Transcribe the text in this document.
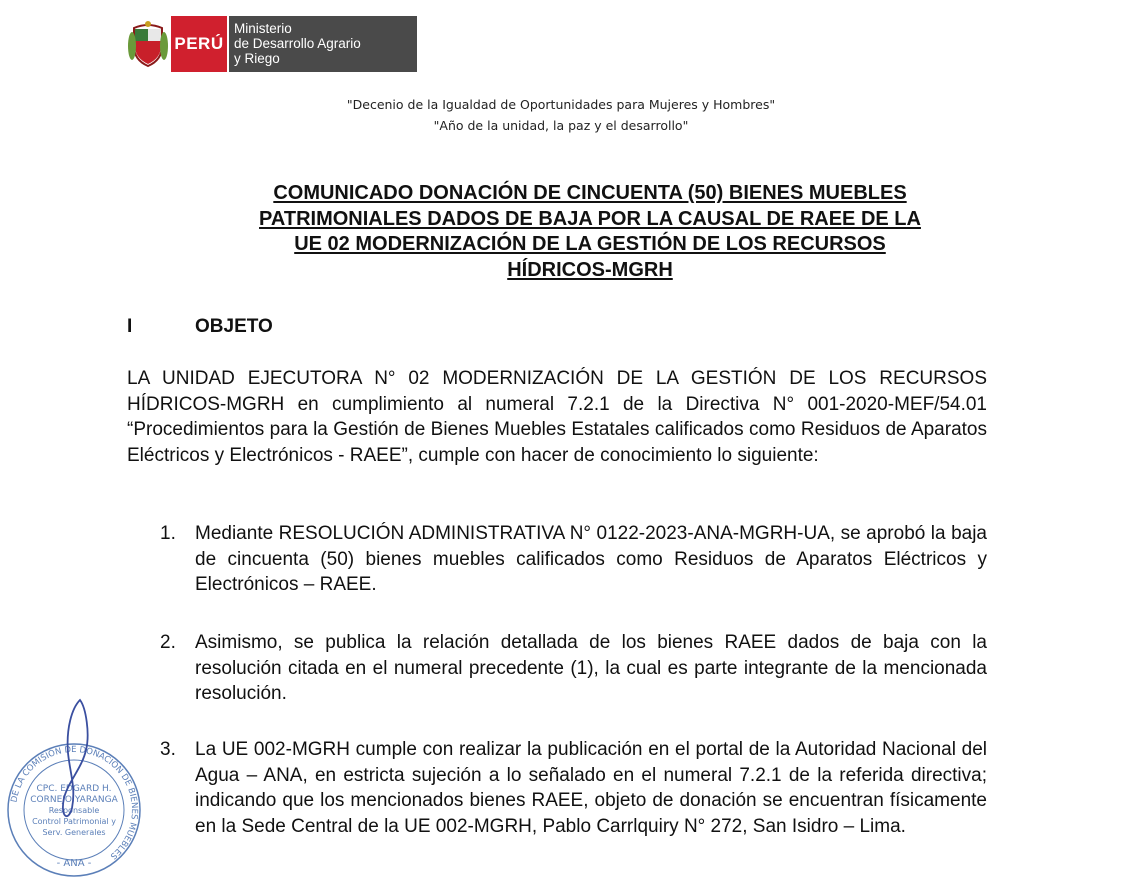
PERÚ
Ministerio
de Desarrollo Agrario
y Riego
"Decenio de la Igualdad de Oportunidades para Mujeres y Hombres"
"Año de la unidad, la paz y el desarrollo"
COMUNICADO DONACIÓN DE CINCUENTA (50) BIENES MUEBLES
PATRIMONIALES DADOS DE BAJA POR LA CAUSAL DE RAEE DE LA
UE 02 MODERNIZACIÓN DE LA GESTIÓN DE LOS RECURSOS
HÍDRICOS-MGRH
I	OBJETO
LA UNIDAD EJECUTORA N° 02 MODERNIZACIÓN DE LA GESTIÓN DE LOS RECURSOS HÍDRICOS-MGRH en cumplimiento al numeral 7.2.1 de la Directiva N° 001-2020-MEF/54.01 “Procedimientos para la Gestión de Bienes Muebles Estatales calificados como Residuos de Aparatos Eléctricos y Electrónicos - RAEE”, cumple con hacer de conocimiento lo siguiente:
1.	Mediante RESOLUCIÓN ADMINISTRATIVA N° 0122-2023-ANA-MGRH-UA, se aprobó la baja de cincuenta (50) bienes muebles calificados como Residuos de Aparatos Eléctricos y Electrónicos – RAEE.
2.	Asimismo, se publica la relación detallada de los bienes RAEE dados de baja con la resolución citada en el numeral precedente (1), la cual es parte integrante de la mencionada resolución.
3.	La UE 002-MGRH cumple con realizar la publicación en el portal de la Autoridad Nacional del Agua – ANA, en estricta sujeción a lo señalado en el numeral 7.2.1 de la referida directiva; indicando que los mencionados bienes RAEE, objeto de donación se encuentran físicamente en la Sede Central de la UE 002-MGRH, Pablo Carrlquiry N° 272, San Isidro – Lima.
DE LA COMISIÓN DE DONACIÓN DE BIENES MUEBLES
CPC. EDGARD H.
CORNEJO YARANGA
Responsable
Control Patrimonial y
Serv. Generales
- ANA -
